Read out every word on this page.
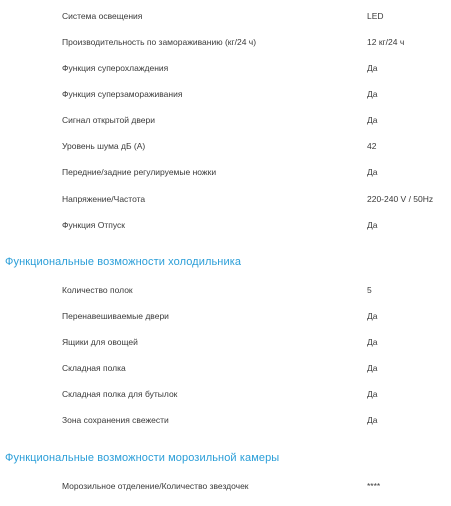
Система освещения	LED
Производительность по замораживанию (кг/24 ч)	12 кг/24 ч
Функция суперохлаждения	Да
Функция суперзамораживания	Да
Сигнал открытой двери	Да
Уровень шума дБ (А)	42
Передние/задние регулируемые ножки	Да
Напряжение/Частота	220-240 V / 50Hz
Функция Отпуск	Да
Функциональные возможности холодильника
Количество полок	5
Перенавешиваемые двери	Да
Ящики для овощей	Да
Складная полка	Да
Складная полка для бутылок	Да
Зона сохранения свежести	Да
Функциональные возможности морозильной камеры
Морозильное отделение/Количество звездочек	****
